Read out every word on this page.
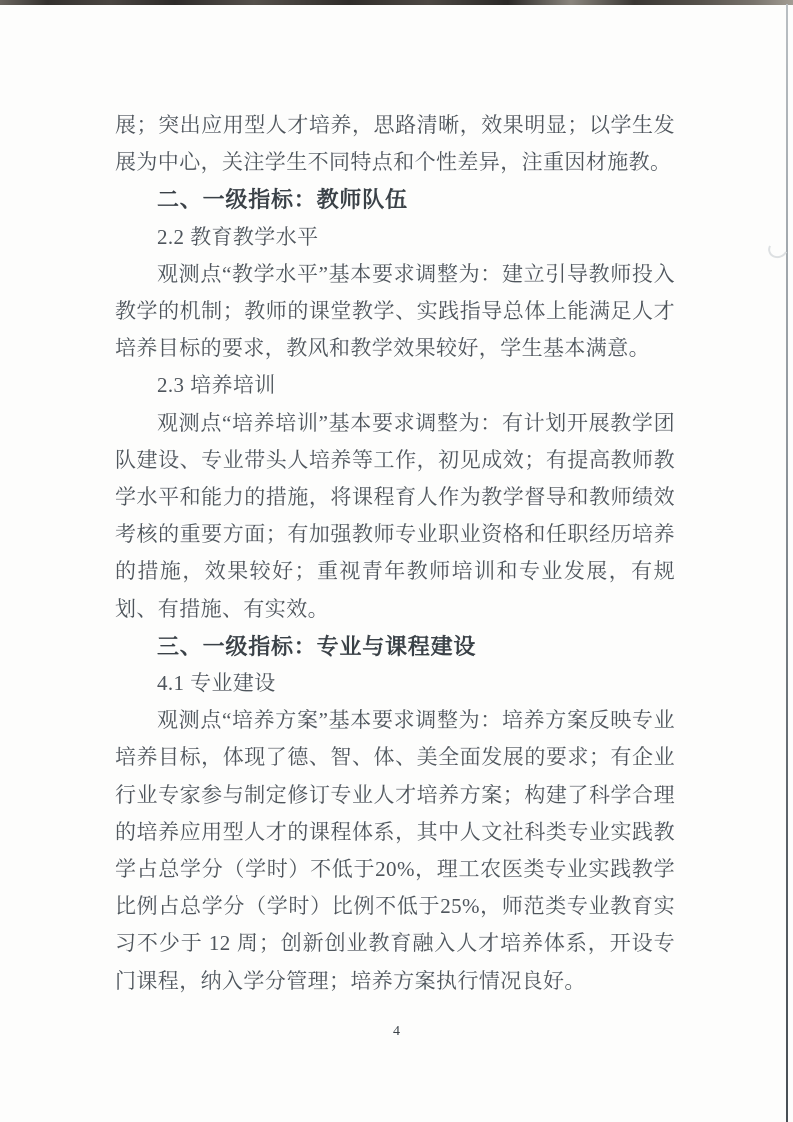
展；突出应用型人才培养，思路清晰，效果明显；以学生发展为中心，关注学生不同特点和个性差异，注重因材施教。

二、一级指标：教师队伍

2.2 教育教学水平

观测点“教学水平”基本要求调整为：建立引导教师投入教学的机制；教师的课堂教学、实践指导总体上能满足人才培养目标的要求，教风和教学效果较好，学生基本满意。

2.3 培养培训

观测点“培养培训”基本要求调整为：有计划开展教学团队建设、专业带头人培养等工作，初见成效；有提高教师教学水平和能力的措施，将课程育人作为教学督导和教师绩效考核的重要方面；有加强教师专业职业资格和任职经历培养的措施，效果较好；重视青年教师培训和专业发展，有规划、有措施、有实效。

三、一级指标：专业与课程建设

4.1 专业建设

观测点“培养方案”基本要求调整为：培养方案反映专业培养目标，体现了德、智、体、美全面发展的要求；有企业行业专家参与制定修订专业人才培养方案；构建了科学合理的培养应用型人才的课程体系，其中人文社科类专业实践教学占总学分（学时）不低于20%，理工农医类专业实践教学比例占总学分（学时）比例不低于25%，师范类专业教育实习不少于 12 周；创新创业教育融入人才培养体系，开设专门课程，纳入学分管理；培养方案执行情况良好。

4
